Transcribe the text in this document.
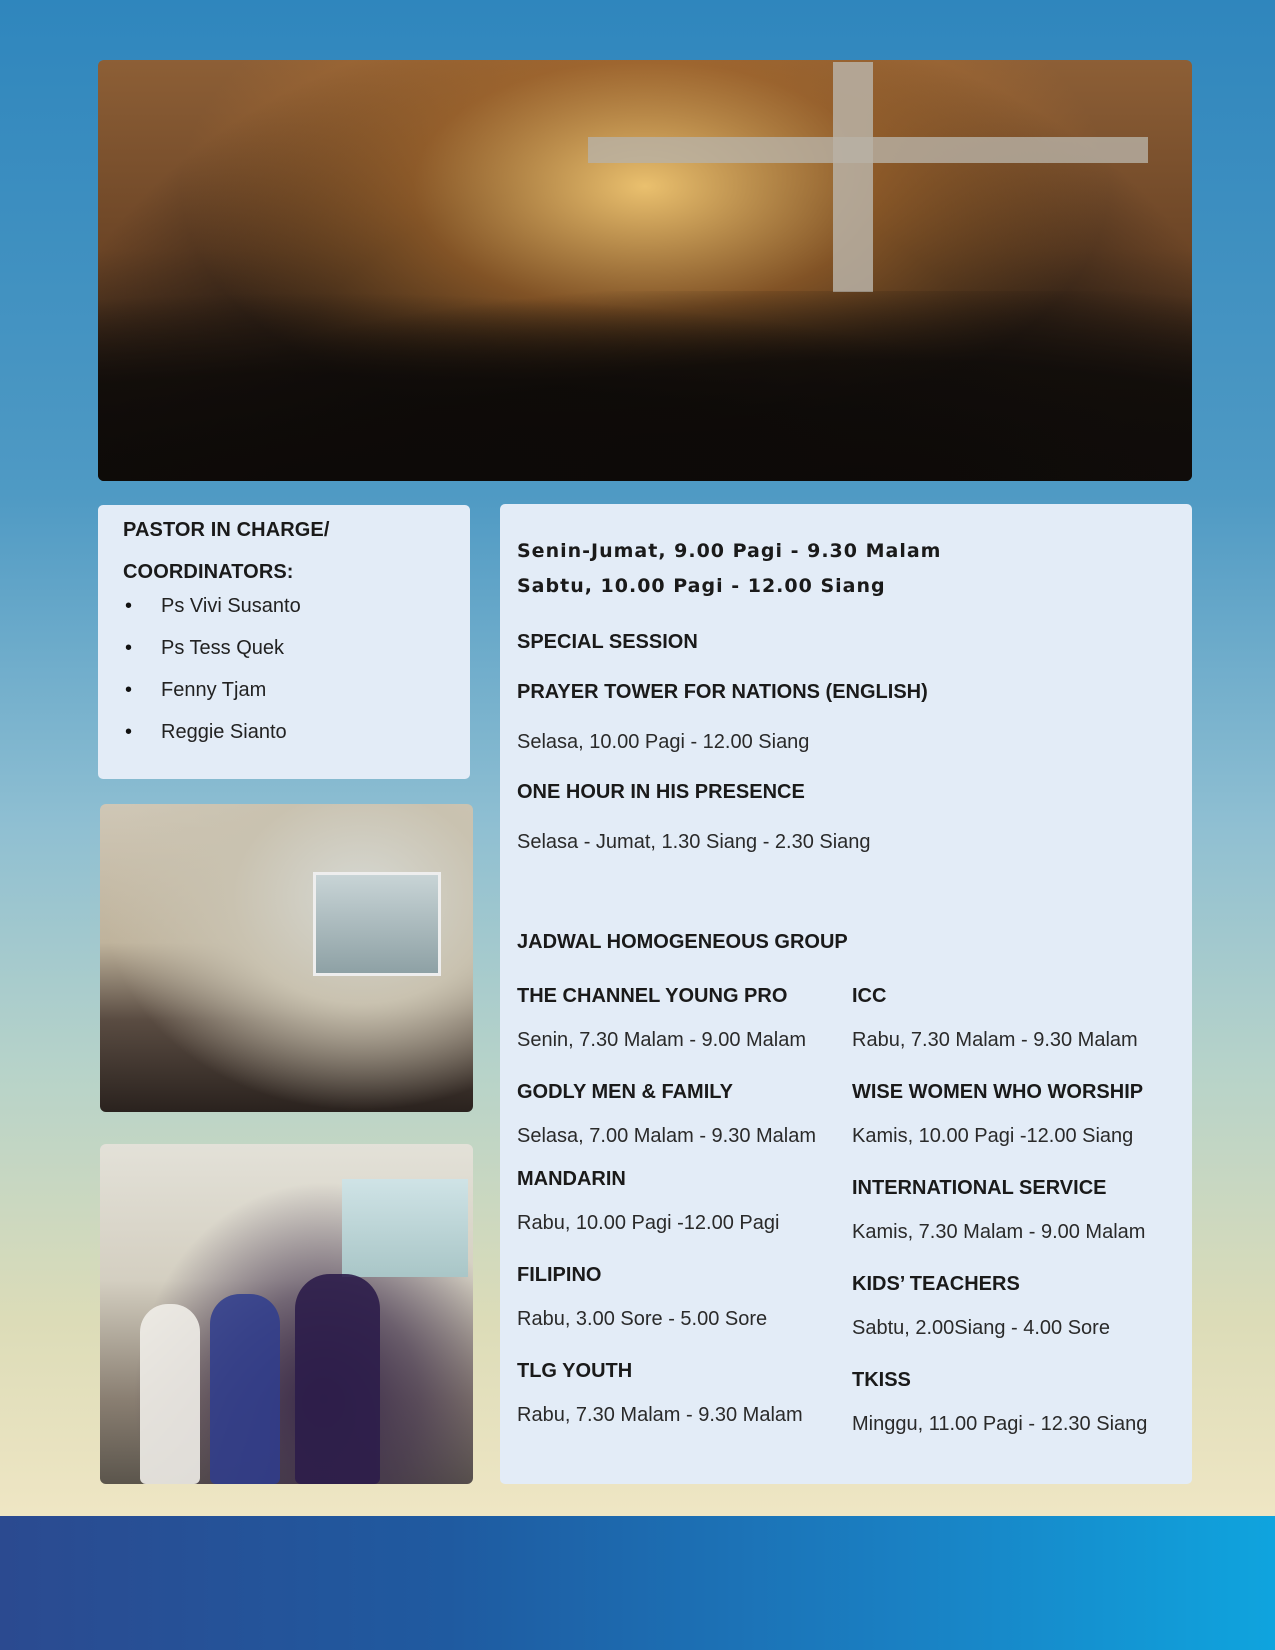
PASTOR IN CHARGE/
COORDINATORS:
• Ps Vivi Susanto
• Ps Tess Quek
• Fenny Tjam
• Reggie Sianto
Senin-Jumat, 9.00 Pagi - 9.30 Malam
Sabtu, 10.00 Pagi - 12.00 Siang
SPECIAL SESSION
PRAYER TOWER FOR NATIONS (ENGLISH)
Selasa, 10.00 Pagi - 12.00 Siang
ONE HOUR IN HIS PRESENCE
Selasa - Jumat, 1.30 Siang - 2.30 Siang
JADWAL HOMOGENEOUS GROUP
THE CHANNEL YOUNG PRO
Senin, 7.30 Malam - 9.00 Malam
GODLY MEN & FAMILY
Selasa, 7.00 Malam - 9.30 Malam
MANDARIN
Rabu, 10.00 Pagi -12.00 Pagi
FILIPINO
Rabu, 3.00 Sore - 5.00 Sore
TLG YOUTH
Rabu, 7.30 Malam - 9.30 Malam
ICC
Rabu, 7.30 Malam - 9.30 Malam
WISE WOMEN WHO WORSHIP
Kamis, 10.00 Pagi -12.00 Siang
INTERNATIONAL SERVICE
Kamis, 7.30 Malam - 9.00 Malam
KIDS’ TEACHERS
Sabtu, 2.00Siang - 4.00 Sore
TKISS
Minggu, 11.00 Pagi - 12.30 Siang
